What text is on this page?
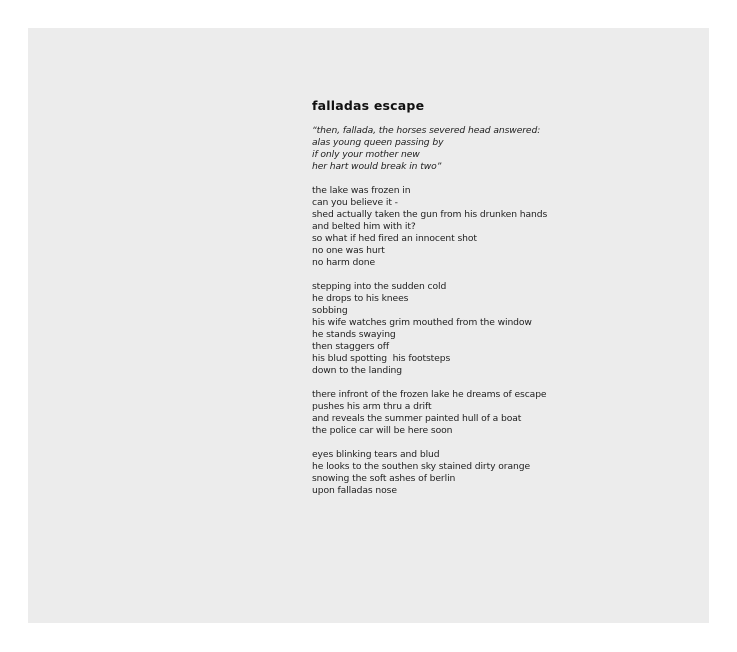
falladas escape
“then, fallada, the horses severed head answered:
alas young queen passing by
if only your mother new
her hart would break in two”
the lake was frozen in
can you believe it -
shed actually taken the gun from his drunken hands
and belted him with it?
so what if hed fired an innocent shot
no one was hurt
no harm done
stepping into the sudden cold
he drops to his knees
sobbing
his wife watches grim mouthed from the window
he stands swaying
then staggers off
his blud spotting  his footsteps
down to the landing
there infront of the frozen lake he dreams of escape
pushes his arm thru a drift
and reveals the summer painted hull of a boat
the police car will be here soon
eyes blinking tears and blud
he looks to the southen sky stained dirty orange
snowing the soft ashes of berlin
upon falladas nose
